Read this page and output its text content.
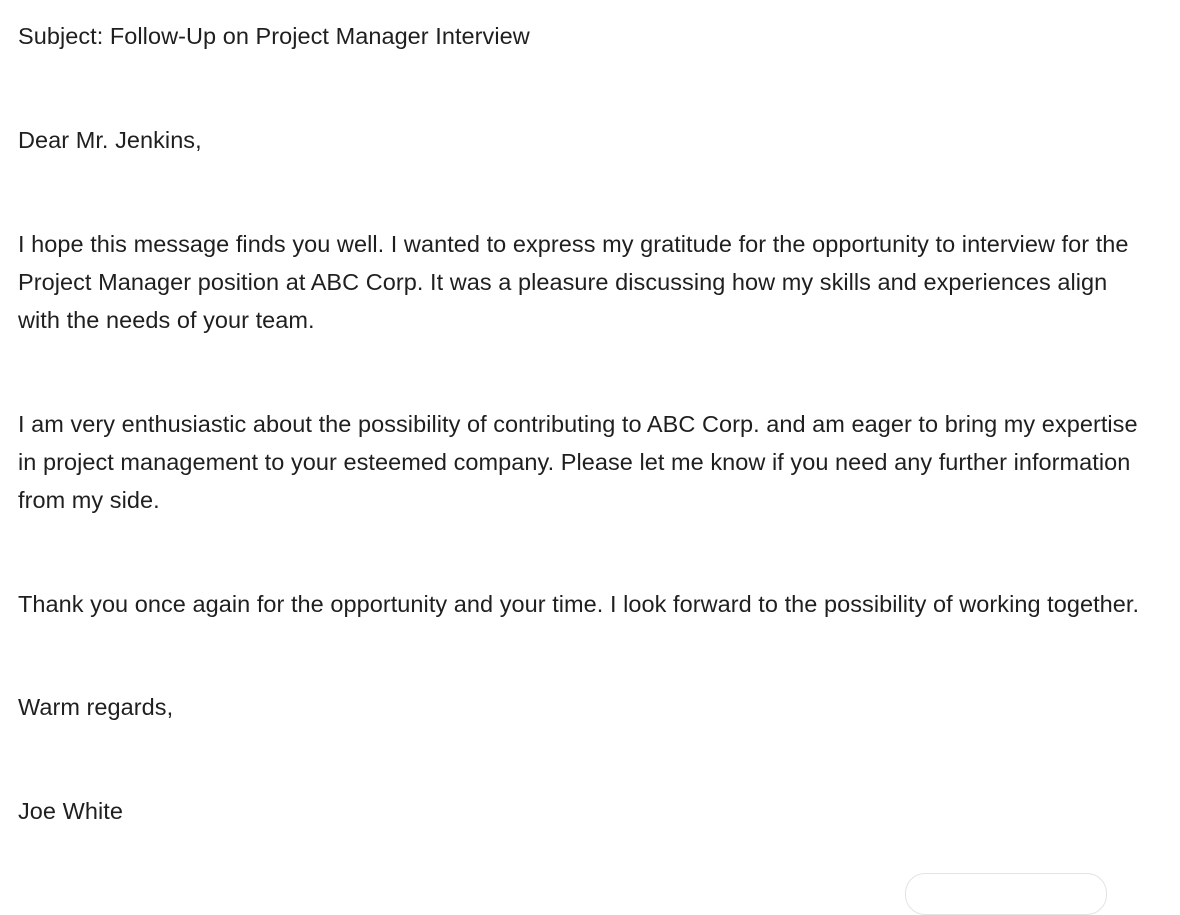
Subject: Follow-Up on Project Manager Interview

Dear Mr. Jenkins,

I hope this message finds you well. I wanted to express my gratitude for the opportunity to interview for the Project Manager position at ABC Corp. It was a pleasure discussing how my skills and experiences align with the needs of your team.

I am very enthusiastic about the possibility of contributing to ABC Corp. and am eager to bring my expertise in project management to your esteemed company. Please let me know if you need any further information from my side.

Thank you once again for the opportunity and your time. I look forward to the possibility of working together.

Warm regards,

Joe White
